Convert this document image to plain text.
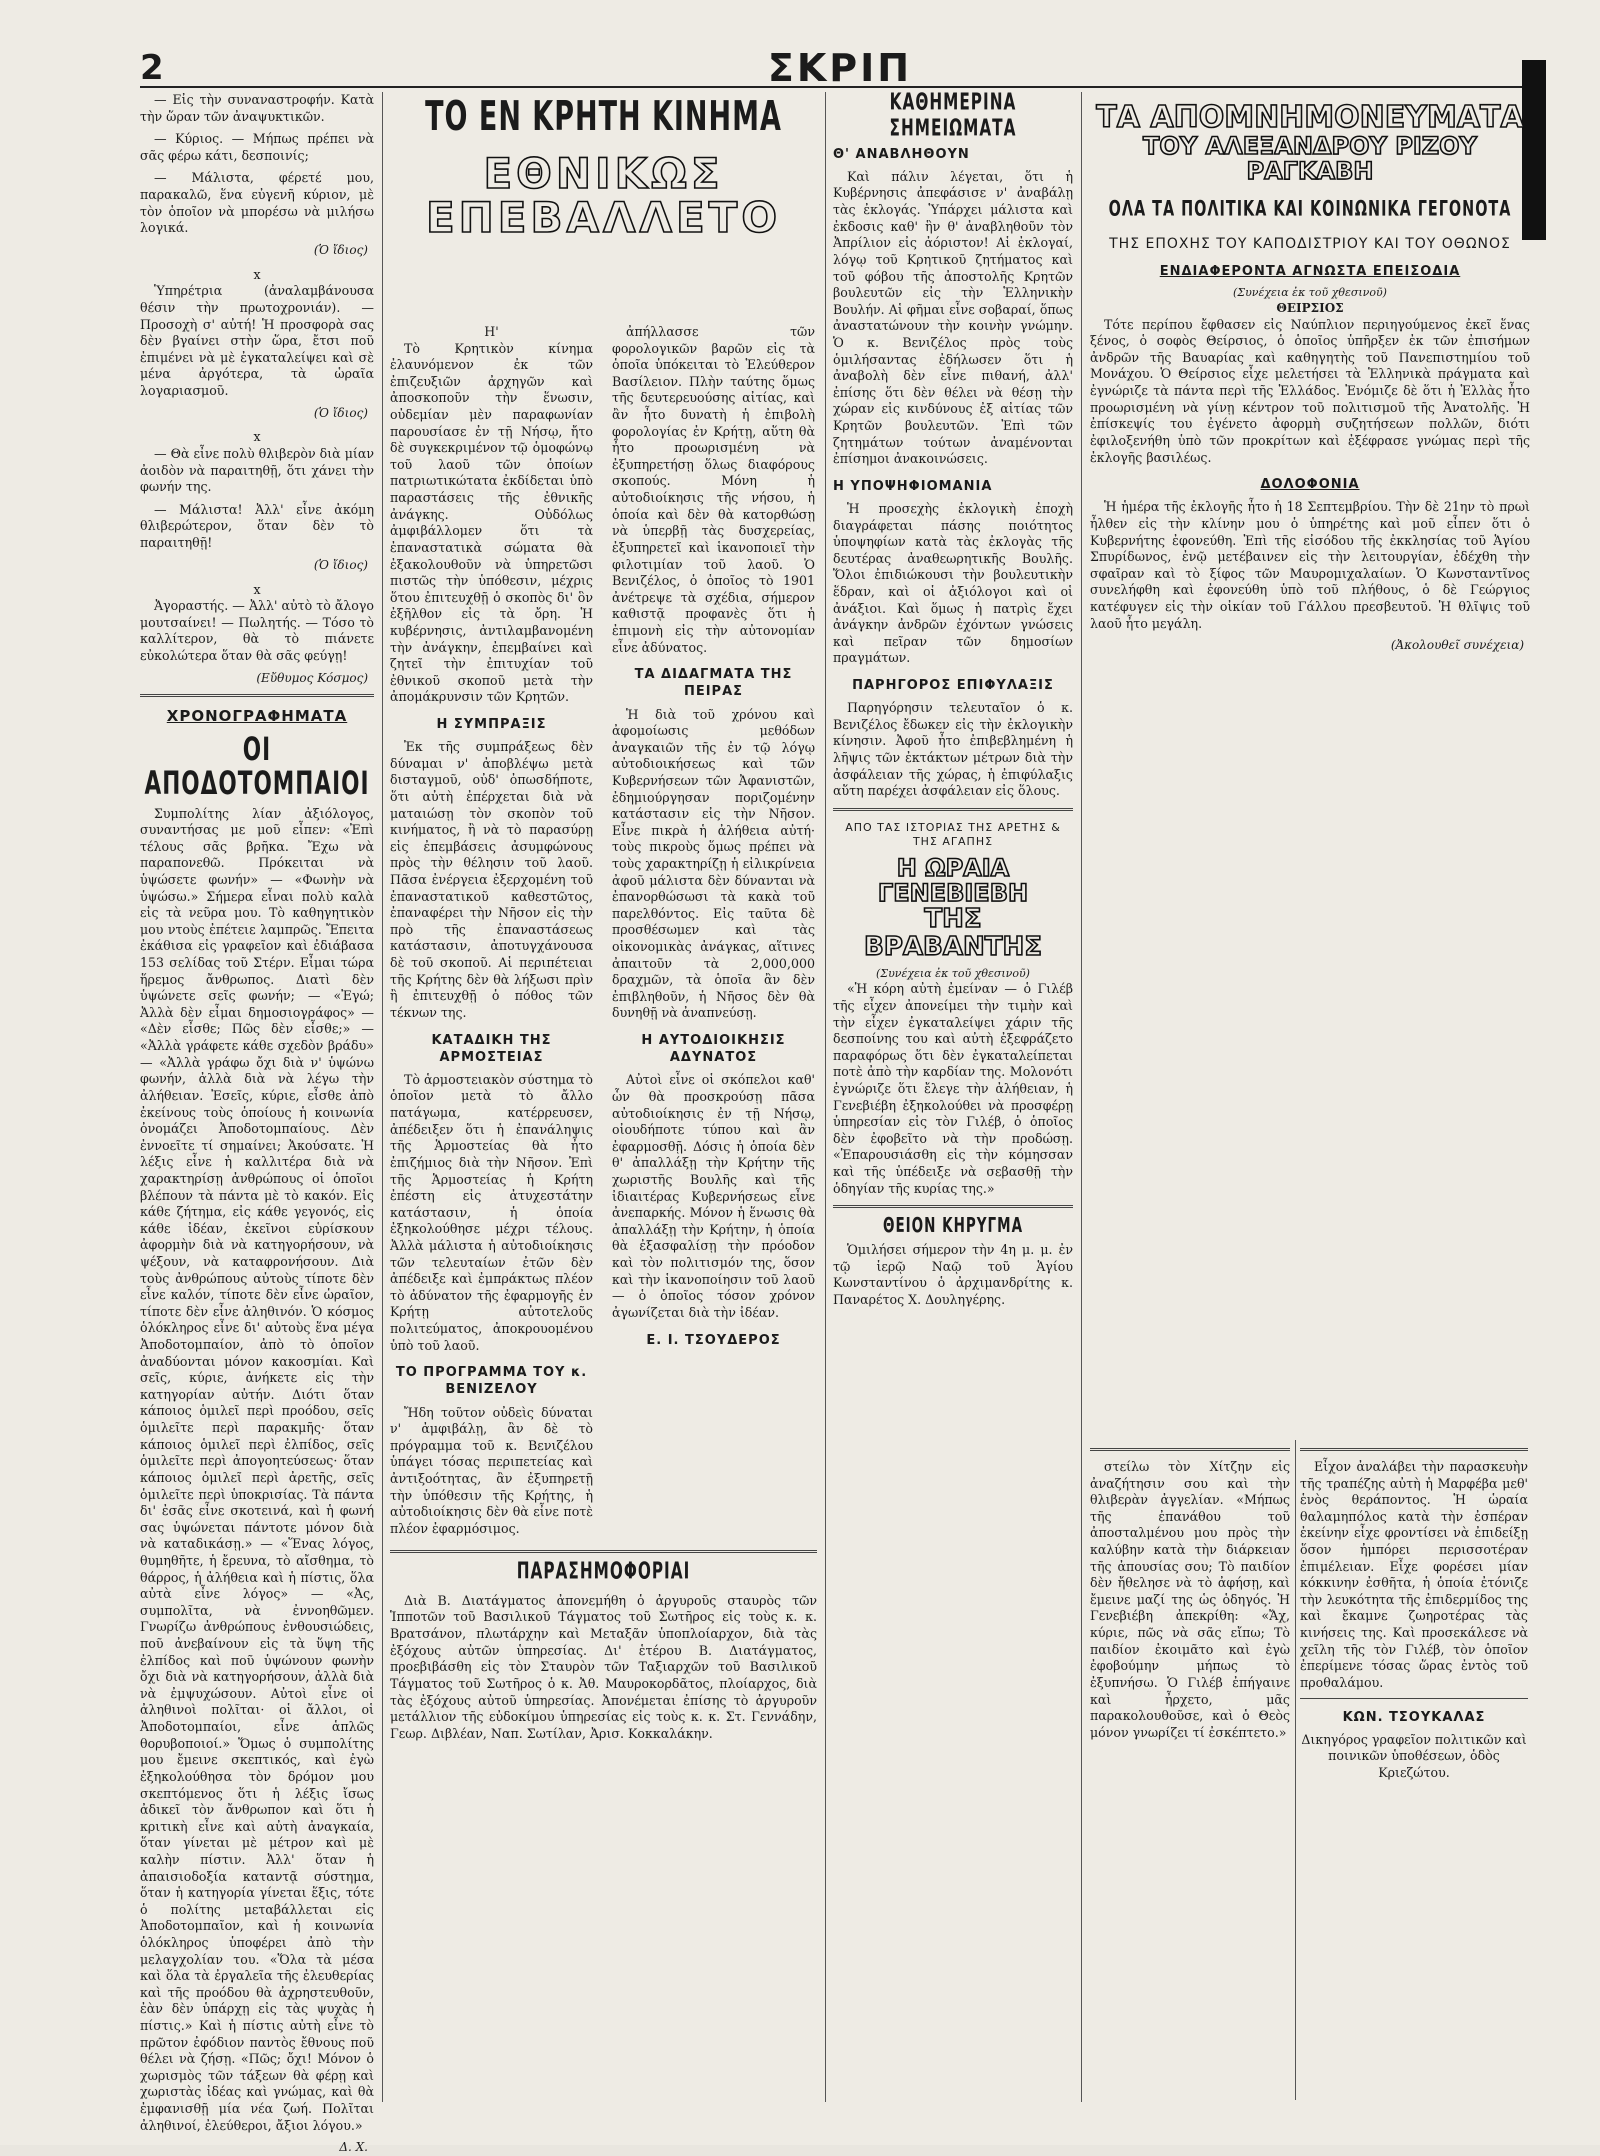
2	ΣΚΡΙΠ

— Εἰς τὴν συναναστροφήν. Κατὰ τὴν ὥραν τῶν ἀναψυκτικῶν.

— Κύριος. — Μήπως πρέπει νὰ σᾶς φέρω κάτι, δεσποινίς;

— Μάλιστα, φέρετέ μου, παρακαλῶ, ἕνα εὐγενῆ κύριον, μὲ τὸν ὁποῖον νὰ μπορέσω νὰ μιλήσω λογικά.

(Ὁ ἴδιος)
x

Ὑπηρέτρια (ἀναλαμβάνουσα θέσιν τὴν πρωτοχρονιάν). — Προσοχὴ σ' αὐτή! Ἡ προσφορὰ σας δὲν βγαίνει στὴν ὥρα, ἔτσι ποῦ ἐπιμένει νὰ μὲ ἐγκαταλείψει καὶ σὲ μένα ἀργότερα, τὰ ὡραῖα λογαριασμοῦ.

(Ὁ ἴδιος)
x

— Θὰ εἶνε πολὺ θλιβερὸν διὰ μίαν ἀοιδὸν νὰ παραιτηθῇ, ὅτι χάνει τὴν φωνήν της.

— Μάλιστα! Ἀλλ' εἶνε ἀκόμη θλιβερώτερον, ὅταν δὲν τὸ παραιτηθῇ!

(Ὁ ἴδιος)
x

Ἀγοραστής. — Ἀλλ' αὐτὸ τὸ ἄλογο μουτσαίνει! — Πωλητής. — Τόσο τὸ καλλίτερον, θὰ τὸ πιάνετε εὐκολώτερα ὅταν θὰ σᾶς φεύγῃ!

(Εὔθυμος Κόσμος)
ΧΡΟΝΟΓΡΑΦΗΜΑΤΑ
ΟΙ ΑΠΟΔΟΤΟΜΠΑΙΟΙ

Συμπολίτης λίαν ἀξιόλογος, συναντήσας με μοῦ εἶπεν: «Ἐπὶ τέλους σᾶς βρῆκα. Ἔχω νὰ παραπονεθῶ. Πρόκειται νὰ ὑψώσετε φωνήν» — «Φωνὴν νὰ ὑψώσω.» Σήμερα εἶναι πολὺ καλὰ εἰς τὰ νεῦρα μου. Τὸ καθηγητικὸν μου ντοὺς ἐπέτειε λαμπρῶς. Ἔπειτα ἐκάθισα εἰς γραφεῖον καὶ ἐδιάβασα 153 σελίδας τοῦ Στέρν. Εἶμαι τώρα ἥρεμος ἄνθρωπος. Διατὶ δὲν ὑψώνετε σεῖς φωνήν; — «Ἐγώ; Ἀλλὰ δὲν εἶμαι δημοσιογράφος» — «Δὲν εἶσθε; Πῶς δὲν εἶσθε;» — «Ἀλλὰ γράφετε κάθε σχεδὸν βράδυ» — «Ἀλλὰ γράφω ὄχι διὰ ν' ὑψώνω φωνήν, ἀλλὰ διὰ νὰ λέγω τὴν ἀλήθειαν. Ἐσεῖς, κύριε, εἶσθε ἀπὸ ἐκείνους τοὺς ὁποίους ἡ κοινωνία ὀνομάζει Ἀποδοτομπαίους. Δὲν ἐννοεῖτε τί σημαίνει; Ἀκούσατε. Ἡ λέξις εἶνε ἡ καλλιτέρα διὰ νὰ χαρακτηρίσῃ ἀνθρώπους οἱ ὁποῖοι βλέπουν τὰ πάντα μὲ τὸ κακόν. Εἰς κάθε ζήτημα, εἰς κάθε γεγονός, εἰς κάθε ἰδέαν, ἐκεῖνοι εὑρίσκουν ἀφορμὴν διὰ νὰ κατηγορήσουν, νὰ ψέξουν, νὰ καταφρονήσουν. Διὰ τοὺς ἀνθρώπους αὐτοὺς τίποτε δὲν εἶνε καλόν, τίποτε δὲν εἶνε ὡραῖον, τίποτε δὲν εἶνε ἀληθινόν. Ὁ κόσμος ὁλόκληρος εἶνε δι' αὐτοὺς ἕνα μέγα Ἀποδοτομπαίον, ἀπὸ τὸ ὁποῖον ἀναδύονται μόνον κακοσμίαι. Καὶ σεῖς, κύριε, ἀνήκετε εἰς τὴν κατηγορίαν αὐτήν. Διότι ὅταν κάποιος ὁμιλεῖ περὶ προόδου, σεῖς ὁμιλεῖτε περὶ παρακμῆς· ὅταν κάποιος ὁμιλεῖ περὶ ἐλπίδος, σεῖς ὁμιλεῖτε περὶ ἀπογοητεύσεως· ὅταν κάποιος ὁμιλεῖ περὶ ἀρετῆς, σεῖς ὁμιλεῖτε περὶ ὑποκρισίας. Τὰ πάντα δι' ἐσᾶς εἶνε σκοτεινά, καὶ ἡ φωνή σας ὑψώνεται πάντοτε μόνον διὰ νὰ καταδικάσῃ.» — «Ἕνας λόγος, θυμηθῆτε, ἡ ἔρευνα, τὸ αἴσθημα, τὸ θάρρος, ἡ ἀλήθεια καὶ ἡ πίστις, ὅλα αὐτὰ εἶνε λόγος» — «Ἀς, συμπολῖτα, νὰ ἐννοηθῶμεν. Γνωρίζω ἀνθρώπους ἐνθουσιώδεις, ποῦ ἀνεβαίνουν εἰς τὰ ὕψη τῆς ἐλπίδος καὶ ποῦ ὑψώνουν φωνὴν ὄχι διὰ νὰ κατηγορήσουν, ἀλλὰ διὰ νὰ ἐμψυχώσουν. Αὐτοὶ εἶνε οἱ ἀληθινοὶ πολῖται· οἱ ἄλλοι, οἱ Ἀποδοτομπαίοι, εἶνε ἁπλῶς θορυβοποιοί.» Ὅμως ὁ συμπολίτης μου ἔμεινε σκεπτικός, καὶ ἐγὼ ἐξηκολούθησα τὸν δρόμον μου σκεπτόμενος ὅτι ἡ λέξις ἴσως ἀδικεῖ τὸν ἄνθρωπον καὶ ὅτι ἡ κριτικὴ εἶνε καὶ αὐτὴ ἀναγκαία, ὅταν γίνεται μὲ μέτρον καὶ μὲ καλὴν πίστιν. Ἀλλ' ὅταν ἡ ἀπαισιοδοξία καταντᾷ σύστημα, ὅταν ἡ κατηγορία γίνεται ἕξις, τότε ὁ πολίτης μεταβάλλεται εἰς Ἀποδοτομπαῖον, καὶ ἡ κοινωνία ὁλόκληρος ὑποφέρει ἀπὸ τὴν μελαγχολίαν του. «Ὅλα τὰ μέσα καὶ ὅλα τὰ ἐργαλεῖα τῆς ἐλευθερίας καὶ τῆς προόδου θὰ ἀχρηστευθοῦν, ἐὰν δὲν ὑπάρχῃ εἰς τὰς ψυχὰς ἡ πίστις.» Καὶ ἡ πίστις αὐτὴ εἶνε τὸ πρῶτον ἐφόδιον παντὸς ἔθνους ποῦ θέλει νὰ ζήσῃ. «Πῶς; ὄχι! Μόνον ὁ χωρισμὸς τῶν τάξεων θὰ φέρῃ καὶ χωριστὰς ἰδέας καὶ γνώμας, καὶ θὰ ἐμφανισθῇ μία νέα ζωή. Πολῖται ἀληθινοί, ἐλεύθεροι, ἄξιοι λόγου.»

Δ. Χ.
ΤΟ ΕΝ ΚΡΗΤΗ ΚΙΝΗΜΑ
ΕΘΝΙΚΩΣ ΕΠΕΒΑΛΛΕΤΟ
Η'

Τὸ Κρητικὸν κίνημα ἐλαυνόμενον ἐκ τῶν ἐπιζευξιῶν ἀρχηγῶν καὶ ἀποσκοποῦν τὴν ἕνωσιν, οὐδεμίαν μὲν παραφωνίαν παρουσίασε ἐν τῇ Νήσῳ, ἤτο δὲ συγκεκριμένον τῷ ὁμοφώνῳ τοῦ λαοῦ τῶν ὁποίων πατριωτικώτατα ἐκδίδεται ὑπὸ παραστάσεις τῆς ἐθνικῆς ἀνάγκης. Οὐδόλως ἀμφιβάλλομεν ὅτι τὰ ἐπαναστατικὰ σώματα θὰ ἐξακολουθοῦν νὰ ὑπηρετῶσι πιστῶς τὴν ὑπόθεσιν, μέχρις ὅτου ἐπιτευχθῇ ὁ σκοπὸς δι' ὃν ἐξῆλθον εἰς τὰ ὄρη. Ἡ κυβέρνησις, ἀντιλαμβανομένη τὴν ἀνάγκην, ἐπεμβαίνει καὶ ζητεῖ τὴν ἐπιτυχίαν τοῦ ἐθνικοῦ σκοποῦ μετὰ τὴν ἀπομάκρυνσιν τῶν Κρητῶν.

Η ΣΥΜΠΡΑΞΙΣ

Ἐκ τῆς συμπράξεως δὲν δύναμαι ν' ἀποβλέψω μετὰ δισταγμοῦ, οὐδ' ὀπωσδήποτε, ὅτι αὐτὴ ἐπέρχεται διὰ νὰ ματαιώσῃ τὸν σκοπὸν τοῦ κινήματος, ἢ νὰ τὸ παρασύρῃ εἰς ἐπεμβάσεις ἀσυμφώνους πρὸς τὴν θέλησιν τοῦ λαοῦ. Πᾶσα ἐνέργεια ἐξερχομένη τοῦ ἐπαναστατικοῦ καθεστῶτος, ἐπαναφέρει τὴν Νῆσον εἰς τὴν πρὸ τῆς ἐπαναστάσεως κατάστασιν, ἀποτυγχάνουσα δὲ τοῦ σκοποῦ. Αἱ περιπέτειαι τῆς Κρήτης δὲν θὰ λήξωσι πρὶν ἢ ἐπιτευχθῇ ὁ πόθος τῶν τέκνων της.

ΚΑΤΑΔΙΚΗ ΤΗΣ ΑΡΜΟΣΤΕΙΑΣ

Τὸ ἁρμοστειακὸν σύστημα τὸ ὁποῖον μετὰ τὸ ἄλλο πατάγωμα, κατέρρευσεν, ἀπέδειξεν ὅτι ἡ ἐπανάληψις τῆς Ἁρμοστείας θὰ ἦτο ἐπιζήμιος διὰ τὴν Νῆσον. Ἐπὶ τῆς Ἁρμοστείας ἡ Κρήτη ἐπέστη εἰς ἀτυχεστάτην κατάστασιν, ἡ ὁποία ἐξηκολούθησε μέχρι τέλους. Ἀλλὰ μάλιστα ἡ αὐτοδιοίκησις τῶν τελευταίων ἐτῶν δὲν ἀπέδειξε καὶ ἐμπράκτως πλέον τὸ ἀδύνατον τῆς ἐφαρμογῆς ἐν Κρήτῃ αὐτοτελοῦς πολιτεύματος, ἀποκρουομένου ὑπὸ τοῦ λαοῦ.

ΤΟ ΠΡΟΓΡΑΜΜΑ ΤΟΥ κ. ΒΕΝΙΖΕΛΟΥ

Ἤδη τοῦτον οὐδεὶς δύναται ν' ἀμφιβάλῃ, ἂν δὲ τὸ πρόγραμμα τοῦ κ. Βενιζέλου ὑπάγει τόσας περιπετείας καὶ ἀντιξοότητας, ἂν ἐξυπηρετῇ τὴν ὑπόθεσιν τῆς Κρήτης, ἡ αὐτοδιοίκησις δὲν θὰ εἶνε ποτὲ πλέον ἐφαρμόσιμος.

ἀπήλλασσε τῶν φορολογικῶν βαρῶν εἰς τὰ ὁποῖα ὑπόκειται τὸ Ἑλεύθερον Βασίλειον. Πλὴν ταύτης ὅμως τῆς δευτερευούσης αἰτίας, καὶ ἂν ἦτο δυνατὴ ἡ ἐπιβολὴ φορολογίας ἐν Κρήτῃ, αὕτη θὰ ἦτο προωρισμένη νὰ ἐξυπηρετήσῃ ὅλως διαφόρους σκοπούς. Μόνη ἡ αὐτοδιοίκησις τῆς νήσου, ἡ ὁποία καὶ δὲν θὰ κατορθώσῃ νὰ ὑπερβῇ τὰς δυσχερείας, ἐξυπηρετεῖ καὶ ἱκανοποιεῖ τὴν φιλοτιμίαν τοῦ λαοῦ. Ὁ Βενιζέλος, ὁ ὁποῖος τὸ 1901 ἀνέτρεψε τὰ σχέδια, σήμερον καθιστᾷ προφανὲς ὅτι ἡ ἐπιμονὴ εἰς τὴν αὐτονομίαν εἶνε ἀδύνατος.

ΤΑ ΔΙΔΑΓΜΑΤΑ ΤΗΣ ΠΕΙΡΑΣ

Ἡ διὰ τοῦ χρόνου καὶ ἀφομοίωσις μεθόδων ἀναγκαιῶν τῆς ἐν τῷ λόγῳ αὐτοδιοικήσεως καὶ τῶν Κυβερνήσεων τῶν Ἀφανιστῶν, ἐδημιούργησαν ποριζομένην κατάστασιν εἰς τὴν Νῆσον. Εἶνε πικρὰ ἡ ἀλήθεια αὐτή· τοὺς πικροὺς ὅμως πρέπει νὰ τοὺς χαρακτηρίζῃ ἡ εἰλικρίνεια ἀφοῦ μάλιστα δὲν δύνανται νὰ ἐπανορθώσωσι τὰ κακὰ τοῦ παρελθόντος. Εἰς ταῦτα δὲ προσθέσωμεν καὶ τὰς οἰκονομικὰς ἀνάγκας, αἵτινες ἀπαιτοῦν τὰ 2,000,000 δραχμῶν, τὰ ὁποῖα ἂν δὲν ἐπιβληθοῦν, ἡ Νῆσος δὲν θὰ δυνηθῇ νὰ ἀναπνεύσῃ.

Η ΑΥΤΟΔΙΟΙΚΗΣΙΣ ΑΔΥΝΑΤΟΣ

Αὐτοὶ εἶνε οἱ σκόπελοι καθ' ὧν θὰ προσκρούσῃ πᾶσα αὐτοδιοίκησις ἐν τῇ Νήσῳ, οἰουδήποτε τύπου καὶ ἂν ἐφαρμοσθῇ. Δόσις ἡ ὁποία δὲν θ' ἀπαλλάξῃ τὴν Κρήτην τῆς χωριστῆς Βουλῆς καὶ τῆς ἰδιαιτέρας Κυβερνήσεως εἶνε ἀνεπαρκής. Μόνον ἡ ἕνωσις θὰ ἀπαλλάξῃ τὴν Κρήτην, ἡ ὁποία θὰ ἐξασφαλίσῃ τὴν πρόοδον καὶ τὸν πολιτισμόν της, ὅσον καὶ τὴν ἱκανοποίησιν τοῦ λαοῦ — ὁ ὁποῖος τόσον χρόνον ἀγωνίζεται διὰ τὴν ἰδέαν.

Ε. Ι. ΤΣΟΥΔΕΡΟΣ
ΠΑΡΑΣΗΜΟΦΟΡΙΑΙ

Διὰ Β. Διατάγματος ἀπονεμήθη ὁ ἀργυροῦς σταυρὸς τῶν Ἱπποτῶν τοῦ Βασιλικοῦ Τάγματος τοῦ Σωτῆρος εἰς τοὺς κ. κ. Βρατσάνον, πλωτάρχην καὶ Μεταξᾶν ὑποπλοίαρχον, διὰ τὰς ἐξόχους αὐτῶν ὑπηρεσίας. Δι' ἑτέρου Β. Διατάγματος, προεβιβάσθη εἰς τὸν Σταυρὸν τῶν Ταξιαρχῶν τοῦ Βασιλικοῦ Τάγματος τοῦ Σωτῆρος ὁ κ. Ἀθ. Μαυροκορδᾶτος, πλοίαρχος, διὰ τὰς ἐξόχους αὐτοῦ ὑπηρεσίας. Ἀπονέμεται ἐπίσης τὸ ἀργυροῦν μετάλλιον τῆς εὐδοκίμου ὑπηρεσίας εἰς τοὺς κ. κ. Στ. Γεννάδην, Γεωρ. Διβλέαν, Ναπ. Σωτίλαν, Ἀρισ. Κοκκαλάκην.

ΚΑΘΗΜΕΡΙΝΑ
ΣΗΜΕΙΩΜΑΤΑ
Θ' ΑΝΑΒΛΗΘΟΥΝ

Καὶ πάλιν λέγεται, ὅτι ἡ Κυβέρνησις ἀπεφάσισε ν' ἀναβάλῃ τὰς ἐκλογάς. Ὑπάρχει μάλιστα καὶ ἐκδοσις καθ' ἣν θ' ἀναβληθοῦν τὸν Ἀπρίλιον εἰς ἀόριστον! Αἱ ἐκλογαί, λόγῳ τοῦ Κρητικοῦ ζητήματος καὶ τοῦ φόβου τῆς ἀποστολῆς Κρητῶν βουλευτῶν εἰς τὴν Ἑλληνικὴν Βουλήν. Αἱ φῆμαι εἶνε σοβαραί, ὅπως ἀναστατώνουν τὴν κοινὴν γνώμην. Ὁ κ. Βενιζέλος πρὸς τοὺς ὁμιλήσαντας ἐδήλωσεν ὅτι ἡ ἀναβολὴ δὲν εἶνε πιθανή, ἀλλ' ἐπίσης ὅτι δὲν θέλει νὰ θέσῃ τὴν χώραν εἰς κινδύνους ἐξ αἰτίας τῶν Κρητῶν βουλευτῶν. Ἐπὶ τῶν ζητημάτων τούτων ἀναμένονται ἐπίσημοι ἀνακοινώσεις.

Η ΥΠΟΨΗΦΙΟΜΑΝΙΑ

Ἡ προσεχὴς ἐκλογικὴ ἐποχὴ διαγράφεται πάσης ποιότητος ὑποψηφίων κατὰ τὰς ἐκλογὰς τῆς δευτέρας ἀναθεωρητικῆς Βουλῆς. Ὅλοι ἐπιδιώκουσι τὴν βουλευτικὴν ἕδραν, καὶ οἱ ἀξιόλογοι καὶ οἱ ἀνάξιοι. Καὶ ὅμως ἡ πατρὶς ἔχει ἀνάγκην ἀνδρῶν ἐχόντων γνώσεις καὶ πεῖραν τῶν δημοσίων πραγμάτων.

ΠΑΡΗΓΟΡΟΣ ΕΠΙΦΥΛΑΞΙΣ

Παρηγόρησιν τελευταῖον ὁ κ. Βενιζέλος ἔδωκεν εἰς τὴν ἐκλογικὴν κίνησιν. Ἀφοῦ ἦτο ἐπιβεβλημένη ἡ λῆψις τῶν ἐκτάκτων μέτρων διὰ τὴν ἀσφάλειαν τῆς χώρας, ἡ ἐπιφύλαξις αὕτη παρέχει ἀσφάλειαν εἰς ὅλους.

ΑΠΟ ΤΑΣ ΙΣΤΟΡΙΑΣ ΤΗΣ ΑΡΕΤΗΣ & ΤΗΣ ΑΓΑΠΗΣ
Η ΩΡΑΙΑ ΓΕΝΕΒΙΕΒΗ
ΤΗΣ ΒΡΑΒΑΝΤΗΣ
(Συνέχεια ἐκ τοῦ χθεσινοῦ)

«Ἡ κόρη αὐτὴ ἐμείναν — ὁ Γιλέβ τῆς εἶχεν ἀπονείμει τὴν τιμὴν καὶ τὴν εἶχεν ἐγκαταλείψει χάριν τῆς δεσποίνης του καὶ αὐτὴ ἐξεφράζετο παραφόρως ὅτι δὲν ἐγκαταλείπεται ποτὲ ἀπὸ τὴν καρδίαν της. Μολονότι ἐγνώριζε ὅτι ἔλεγε τὴν ἀλήθειαν, ἡ Γενεβιέβη ἐξηκολούθει νὰ προσφέρῃ ὑπηρεσίαν εἰς τὸν Γιλέβ, ὁ ὁποῖος δὲν ἐφοβεῖτο νὰ τὴν προδώσῃ. «Ἐπαρουσιάσθη εἰς τὴν κόμησσαν καὶ τῆς ὑπέδειξε νὰ σεβασθῇ τὴν ὁδηγίαν τῆς κυρίας της.»

ΘΕΙΟΝ ΚΗΡΥΓΜΑ

Ὁμιλήσει σήμερον τὴν 4η μ. μ. ἐν τῷ ἱερῷ Ναῷ τοῦ Ἁγίου Κωνσταντίνου ὁ ἀρχιμανδρίτης κ. Παναρέτος Χ. Δουληγέρης.

ΤΑ ΑΠΟΜΝΗΜΟΝΕΥΜΑΤΑ
ΤΟΥ ΑΛΕΞΑΝΔΡΟΥ ΡΙΖΟΥ ΡΑΓΚΑΒΗ
ΟΛΑ ΤΑ ΠΟΛΙΤΙΚΑ ΚΑΙ ΚΟΙΝΩΝΙΚΑ ΓΕΓΟΝΟΤΑ
ΤΗΣ ΕΠΟΧΗΣ ΤΟΥ ΚΑΠΟΔΙΣΤΡΙΟΥ ΚΑΙ ΤΟΥ ΟΘΩΝΟΣ
ΕΝΔΙΑΦΕΡΟΝΤΑ ΑΓΝΩΣΤΑ ΕΠΕΙΣΟΔΙΑ
(Συνέχεια ἐκ τοῦ χθεσινοῦ)
ΘΕΙΡΣΙΟΣ

Τότε περίπου ἔφθασεν εἰς Ναύπλιον περιηγούμενος ἐκεῖ ἕνας ξένος, ὁ σοφὸς Θείρσιος, ὁ ὁποῖος ὑπῆρξεν ἐκ τῶν ἐπισήμων ἀνδρῶν τῆς Βαυαρίας καὶ καθηγητὴς τοῦ Πανεπιστημίου τοῦ Μονάχου. Ὁ Θείρσιος εἶχε μελετήσει τὰ Ἑλληνικὰ πράγματα καὶ ἐγνώριζε τὰ πάντα περὶ τῆς Ἑλλάδος. Ἐνόμιζε δὲ ὅτι ἡ Ἑλλὰς ἦτο προωρισμένη νὰ γίνῃ κέντρον τοῦ πολιτισμοῦ τῆς Ἀνατολῆς. Ἡ ἐπίσκεψίς του ἐγένετο ἀφορμὴ συζητήσεων πολλῶν, διότι ἐφιλοξενήθη ὑπὸ τῶν προκρίτων καὶ ἐξέφρασε γνώμας περὶ τῆς ἐκλογῆς βασιλέως.

ΔΟΛΟΦΟΝΙΑ

Ἡ ἡμέρα τῆς ἐκλογῆς ἦτο ἡ 18 Σεπτεμβρίου. Τὴν δὲ 21ην τὸ πρωὶ ἦλθεν εἰς τὴν κλίνην μου ὁ ὑπηρέτης καὶ μοῦ εἶπεν ὅτι ὁ Κυβερνήτης ἐφονεύθη. Ἐπὶ τῆς εἰσόδου τῆς ἐκκλησίας τοῦ Ἁγίου Σπυρίδωνος, ἐνῷ μετέβαινεν εἰς τὴν λειτουργίαν, ἐδέχθη τὴν σφαῖραν καὶ τὸ ξίφος τῶν Μαυρομιχαλαίων. Ὁ Κωνσταντῖνος συνελήφθη καὶ ἐφονεύθη ὑπὸ τοῦ πλήθους, ὁ δὲ Γεώργιος κατέφυγεν εἰς τὴν οἰκίαν τοῦ Γάλλου πρεσβευτοῦ. Ἡ θλῖψις τοῦ λαοῦ ἦτο μεγάλη.

(Ἀκολουθεῖ συνέχεια)

στείλω τὸν Χίτζην εἰς ἀναζήτησιν σου καὶ τὴν θλιβερὰν ἀγγελίαν. «Μήπως τῆς ἐπανάθου τοῦ ἀποσταλμένου μου πρὸς τὴν καλύβην κατὰ τὴν διάρκειαν τῆς ἀπουσίας σου; Τὸ παιδίον δὲν ἤθελησε νὰ τὸ ἀφήσῃ, καὶ ἔμεινε μαζί της ὡς ὁδηγός. Ἡ Γενεβιέβη ἀπεκρίθη: «Ἄχ, κύριε, πῶς νὰ σᾶς εἴπω; Τὸ παιδίον ἐκοιμᾶτο καὶ ἐγὼ ἐφοβούμην μήπως τὸ ἐξυπνήσω. Ὁ Γιλέβ ἐπήγαινε καὶ ἦρχετο, μᾶς παρακολουθοῦσε, καὶ ὁ Θεὸς μόνον γνωρίζει τί ἐσκέπτετο.»

Εἶχον ἀναλάβει τὴν παρασκευὴν τῆς τραπέζης αὐτὴ ἡ Μαρφέβα μεθ' ἑνὸς θεράποντος. Ἡ ὡραία θαλαμηπόλος κατὰ τὴν ἐσπέραν ἐκείνην εἶχε φροντίσει νὰ ἐπιδείξῃ ὅσον ἠμπόρει περισσοτέραν ἐπιμέλειαν. Εἶχε φορέσει μίαν κόκκινην ἐσθῆτα, ἡ ὁποία ἐτόνιζε τὴν λευκότητα τῆς ἐπιδερμίδος της καὶ ἔκαμνε ζωηροτέρας τὰς κινήσεις της. Καὶ προσεκάλεσε νὰ χεῖλη τῆς τὸν Γιλέβ, τὸν ὁποῖον ἐπερίμενε τόσας ὥρας ἐντὸς τοῦ προθαλάμου.

ΚΩΝ. ΤΣΟΥΚΑΛΑΣ

Δικηγόρος γραφεῖον πολιτικῶν καὶ ποινικῶν ὑποθέσεων, ὁδὸς Κριεζώτου.
